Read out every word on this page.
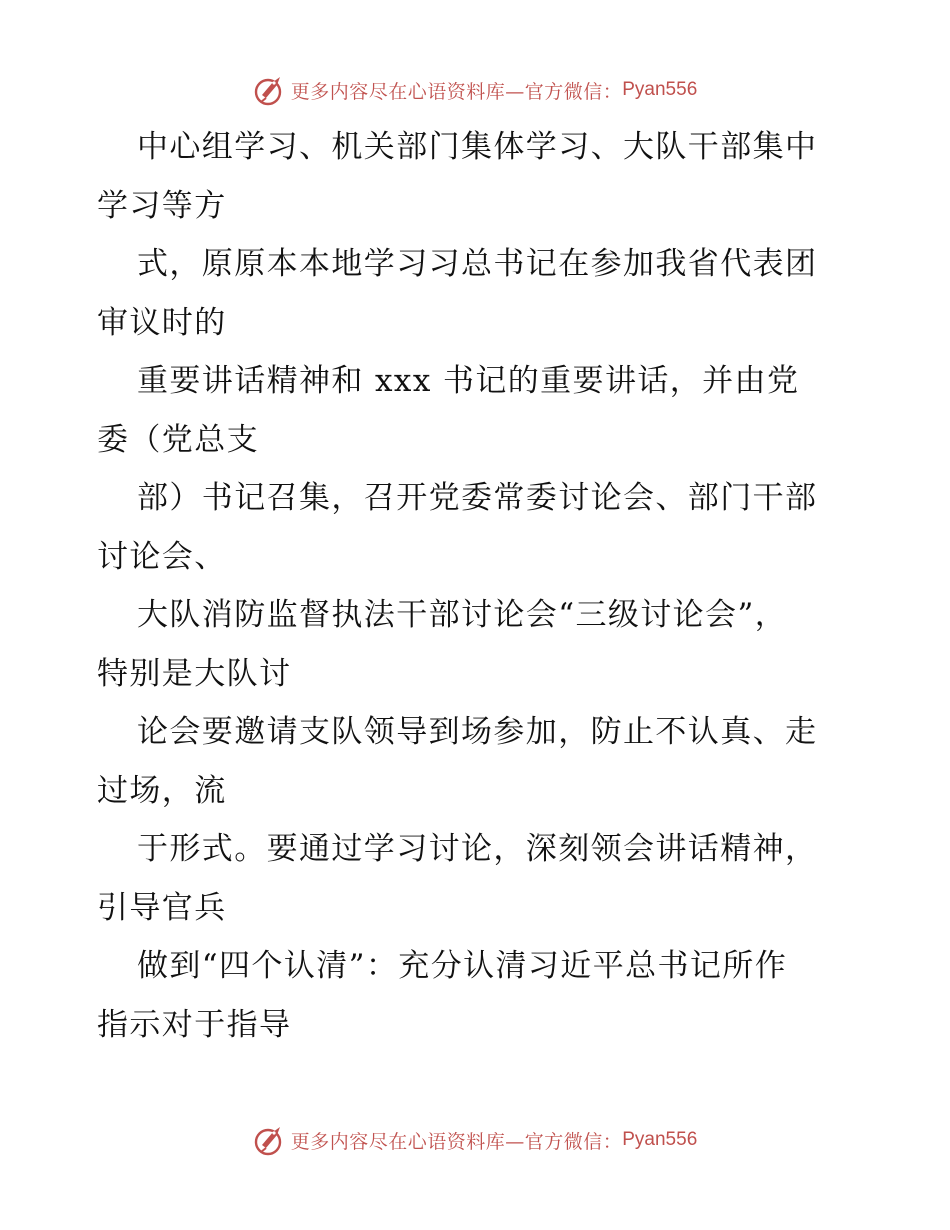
更多内容尽在心语资料库—官方微信： Pyan556

中心组学习、机关部门集体学习、大队干部集中
学习等方

式，原原本本地学习习总书记在参加我省代表团
审议时的

重要讲话精神和 xxx 书记的重要讲话，并由党
委（党总支

部）书记召集，召开党委常委讨论会、部门干部
讨论会、

大队消防监督执法干部讨论会“三级讨论会”，
特别是大队讨

论会要邀请支队领导到场参加，防止不认真、走
过场，流

于形式。要通过学习讨论，深刻领会讲话精神，
引导官兵

做到“四个认清”：充分认清习近平总书记所作
指示对于指导

更多内容尽在心语资料库—官方微信： Pyan556
